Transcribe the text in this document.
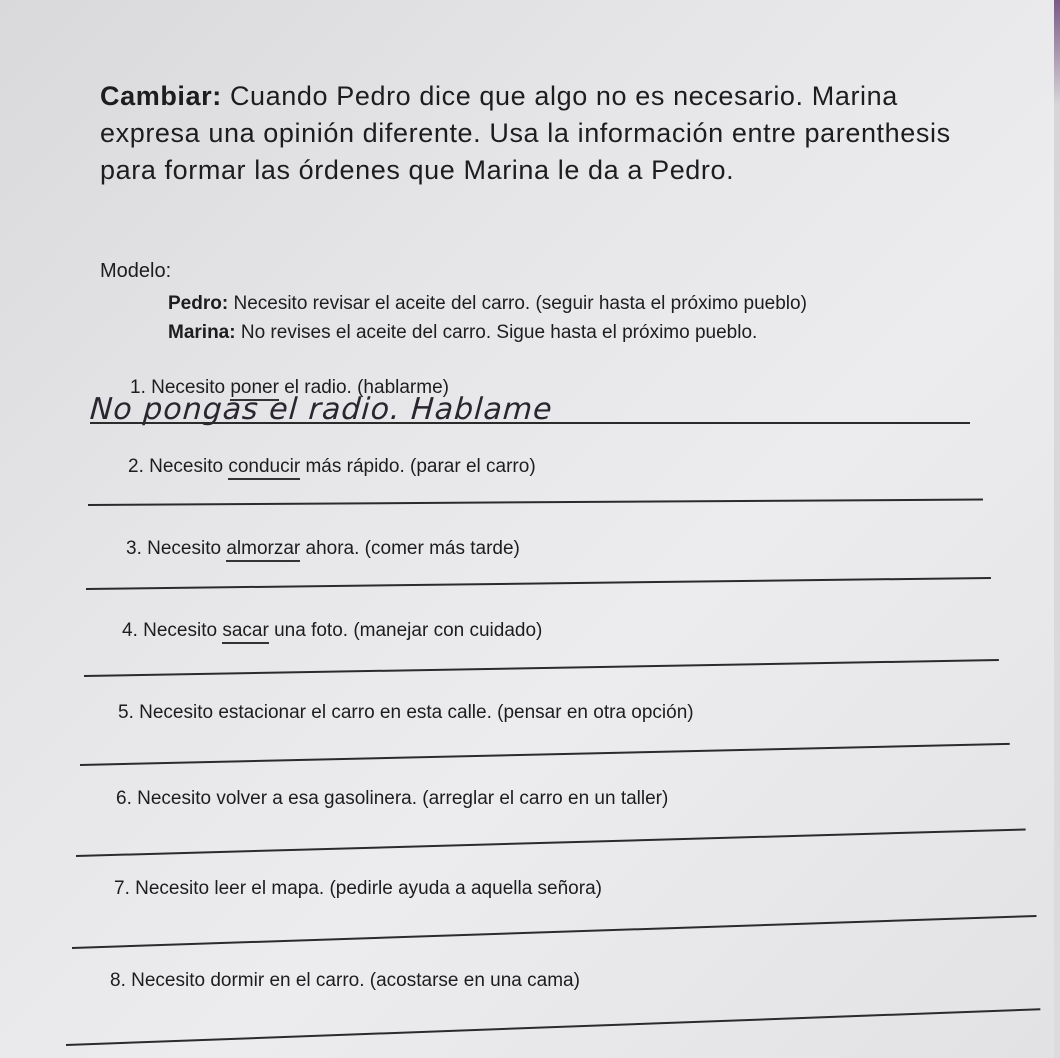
Cambiar: Cuando Pedro dice que algo no es necesario. Marina expresa una opinión diferente. Usa la información entre parenthesis para formar las órdenes que Marina le da a Pedro.

Modelo:

Pedro: Necesito revisar el aceite del carro. (seguir hasta el próximo pueblo)

Marina: No revises el aceite del carro. Sigue hasta el próximo pueblo.

1. Necesito poner el radio. (hablarme)

No pongas el radio. Hablame

2. Necesito conducir más rápido. (parar el carro)

3. Necesito almorzar ahora. (comer más tarde)

4. Necesito sacar una foto. (manejar con cuidado)

5. Necesito estacionar el carro en esta calle. (pensar en otra opción)

6. Necesito volver a esa gasolinera. (arreglar el carro en un taller)

7. Necesito leer el mapa. (pedirle ayuda a aquella señora)

8. Necesito dormir en el carro. (acostarse en una cama)
